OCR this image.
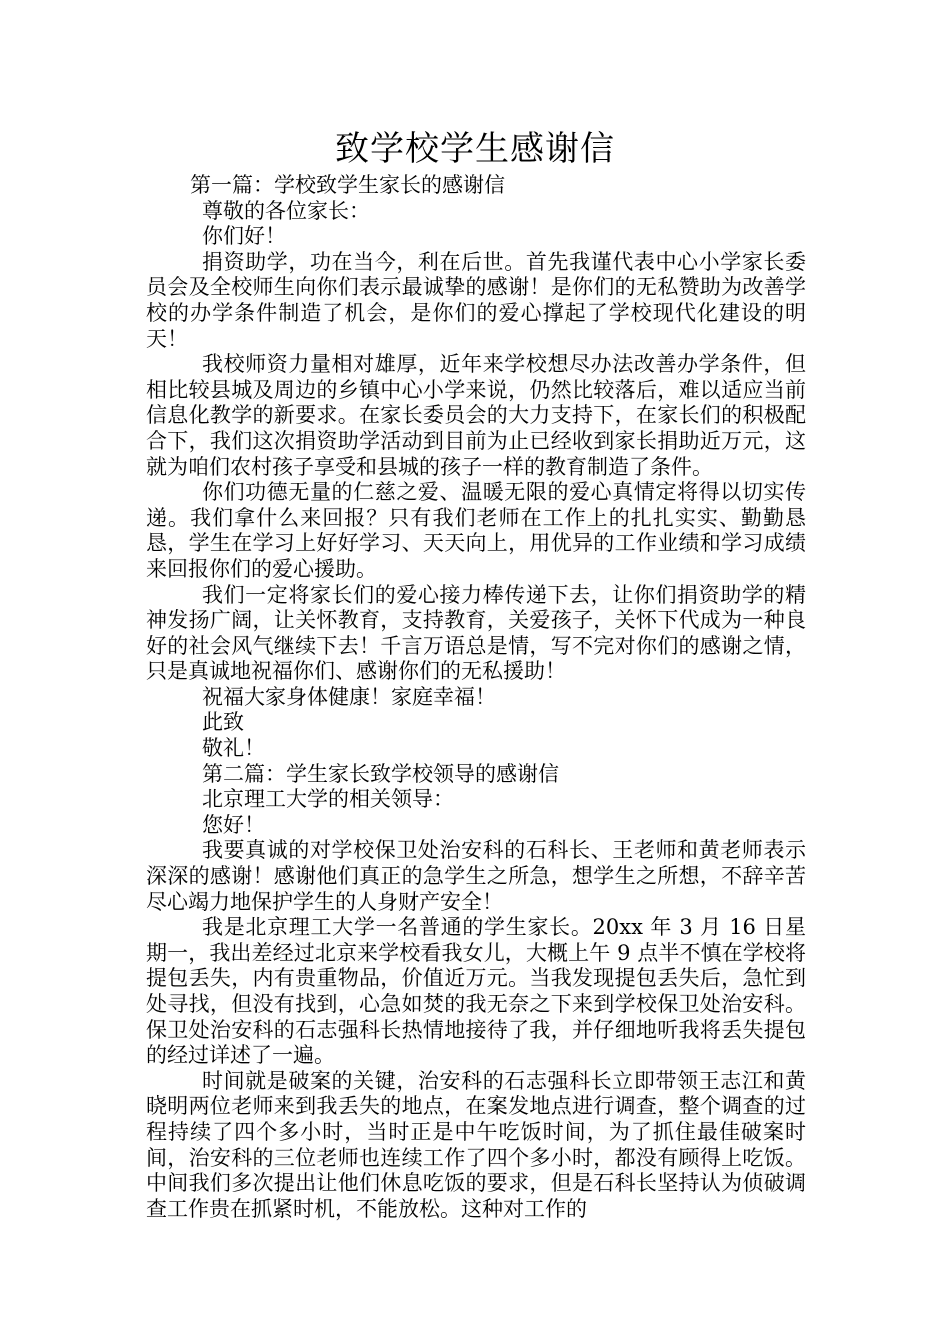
致学校学生感谢信

第一篇：学校致学生家长的感谢信

尊敬的各位家长：

你们好！

捐资助学，功在当今，利在后世。首先我谨代表中心小学家长委员会及全校师生向你们表示最诚挚的感谢！是你们的无私赞助为改善学校的办学条件制造了机会，是你们的爱心撑起了学校现代化建设的明天！

我校师资力量相对雄厚，近年来学校想尽办法改善办学条件，但相比较县城及周边的乡镇中心小学来说，仍然比较落后，难以适应当前信息化教学的新要求。在家长委员会的大力支持下，在家长们的积极配合下，我们这次捐资助学活动到目前为止已经收到家长捐助近万元，这就为咱们农村孩子享受和县城的孩子一样的教育制造了条件。

你们功德无量的仁慈之爱、温暖无限的爱心真情定将得以切实传递。我们拿什么来回报？只有我们老师在工作上的扎扎实实、勤勤恳恳，学生在学习上好好学习、天天向上，用优异的工作业绩和学习成绩来回报你们的爱心援助。

我们一定将家长们的爱心接力棒传递下去，让你们捐资助学的精神发扬广阔，让关怀教育，支持教育，关爱孩子，关怀下代成为一种良好的社会风气继续下去！千言万语总是情，写不完对你们的感谢之情，只是真诚地祝福你们、感谢你们的无私援助！

祝福大家身体健康！家庭幸福！

此致

敬礼！

第二篇：学生家长致学校领导的感谢信

北京理工大学的相关领导：

您好！

我要真诚的对学校保卫处治安科的石科长、王老师和黄老师表示深深的感谢！感谢他们真正的急学生之所急，想学生之所想，不辞辛苦尽心竭力地保护学生的人身财产安全！

我是北京理工大学一名普通的学生家长。20xx 年 3 月 16 日星期一，我出差经过北京来学校看我女儿，大概上午 9 点半不慎在学校将提包丢失，内有贵重物品，价值近万元。当我发现提包丢失后，急忙到处寻找，但没有找到，心急如焚的我无奈之下来到学校保卫处治安科。保卫处治安科的石志强科长热情地接待了我，并仔细地听我将丢失提包的经过详述了一遍。

时间就是破案的关键，治安科的石志强科长立即带领王志江和黄晓明两位老师来到我丢失的地点，在案发地点进行调查，整个调查的过程持续了四个多小时，当时正是中午吃饭时间，为了抓住最佳破案时间，治安科的三位老师也连续工作了四个多小时，都没有顾得上吃饭。中间我们多次提出让他们休息吃饭的要求，但是石科长坚持认为侦破调查工作贵在抓紧时机，不能放松。这种对工作的
